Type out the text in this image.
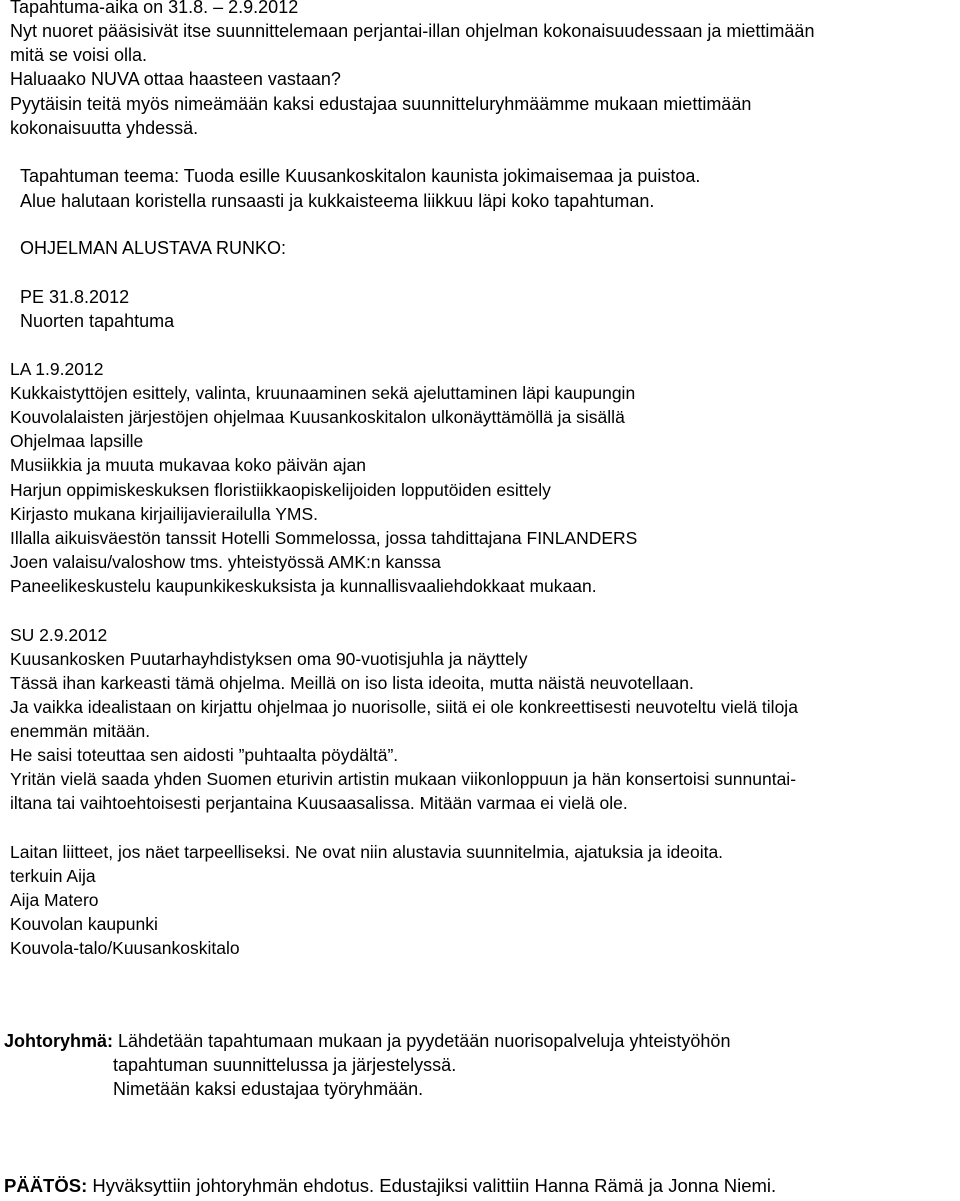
Tapahtuma-aika on 31.8. – 2.9.2012
Nyt nuoret pääsisivät itse suunnittelemaan perjantai-illan ohjelman kokonaisuudessaan ja miettimään
mitä se voisi olla.
Haluaako NUVA ottaa haasteen vastaan?
Pyytäisin teitä myös nimeämään kaksi edustajaa suunnitteluryhmäämme mukaan miettimään
kokonaisuutta yhdessä.
Tapahtuman teema: Tuoda esille Kuusankoskitalon kaunista jokimaisemaa ja puistoa.
Alue halutaan koristella runsaasti ja kukkaisteema liikkuu läpi koko tapahtuman.
OHJELMAN ALUSTAVA RUNKO:
PE 31.8.2012
Nuorten tapahtuma
LA 1.9.2012
Kukkaistyttöjen esittely, valinta, kruunaaminen sekä ajeluttaminen läpi kaupungin
Kouvolalaisten järjestöjen ohjelmaa Kuusankoskitalon ulkonäyttämöllä ja sisällä
Ohjelmaa lapsille
Musiikkia ja muuta mukavaa koko päivän ajan
Harjun oppimiskeskuksen floristiikkaopiskelijoiden lopputöiden esittely
Kirjasto mukana kirjailijavierailulla YMS.
Illalla aikuisväestön tanssit Hotelli Sommelossa, jossa tahdittajana FINLANDERS
Joen valaisu/valoshow tms. yhteistyössä AMK:n kanssa
Paneelikeskustelu kaupunkikeskuksista ja kunnallisvaaliehdokkaat mukaan.
SU 2.9.2012
Kuusankosken Puutarhayhdistyksen oma 90-vuotisjuhla ja näyttely
Tässä ihan karkeasti tämä ohjelma. Meillä on iso lista ideoita, mutta näistä neuvotellaan.
Ja vaikka idealistaan on kirjattu ohjelmaa jo nuorisolle, siitä ei ole konkreettisesti neuvoteltu vielä tiloja
enemmän mitään.
He saisi toteuttaa sen aidosti ”puhtaalta pöydältä”.
Yritän vielä saada yhden Suomen eturivin artistin mukaan viikonloppuun ja hän konsertoisi sunnuntai-
iltana tai vaihtoehtoisesti perjantaina Kuusaasalissa. Mitään varmaa ei vielä ole.
Laitan liitteet, jos näet tarpeelliseksi. Ne ovat niin alustavia suunnitelmia, ajatuksia ja ideoita.
terkuin Aija
Aija Matero
Kouvolan kaupunki
Kouvola-talo/Kuusankoskitalo
Johtoryhmä: Lähdetään tapahtumaan mukaan ja pyydetään nuorisopalveluja yhteistyöhön
tapahtuman suunnittelussa ja järjestelyssä.
Nimetään kaksi edustajaa työryhmään.
PÄÄTÖS: Hyväksyttiin johtoryhmän ehdotus. Edustajiksi valittiin Hanna Rämä ja Jonna Niemi.
